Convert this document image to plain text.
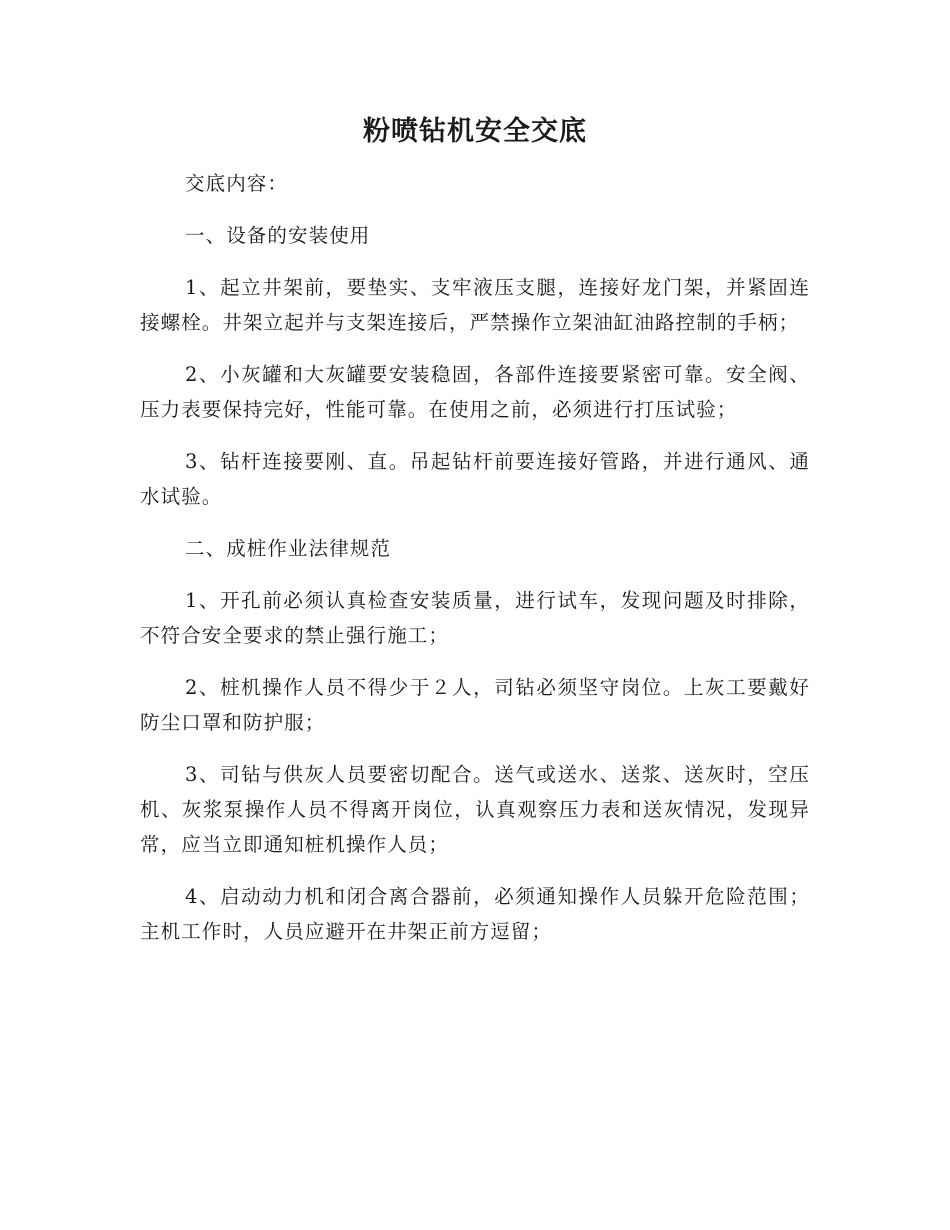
粉喷钻机安全交底

交底内容：

一、设备的安装使用

1、起立井架前，要垫实、支牢液压支腿，连接好龙门架，并紧固连接螺栓。井架立起并与支架连接后，严禁操作立架油缸油路控制的手柄；

2、小灰罐和大灰罐要安装稳固，各部件连接要紧密可靠。安全阀、压力表要保持完好，性能可靠。在使用之前，必须进行打压试验；

3、钻杆连接要刚、直。吊起钻杆前要连接好管路，并进行通风、通水试验。

二、成桩作业法律规范

1、开孔前必须认真检查安装质量，进行试车，发现问题及时排除，不符合安全要求的禁止强行施工；

2、桩机操作人员不得少于２人，司钻必须坚守岗位。上灰工要戴好防尘口罩和防护服；

3、司钻与供灰人员要密切配合。送气或送水、送浆、送灰时，空压机、灰浆泵操作人员不得离开岗位，认真观察压力表和送灰情况，发现异常，应当立即通知桩机操作人员；

4、启动动力机和闭合离合器前，必须通知操作人员躲开危险范围；主机工作时，人员应避开在井架正前方逗留；
